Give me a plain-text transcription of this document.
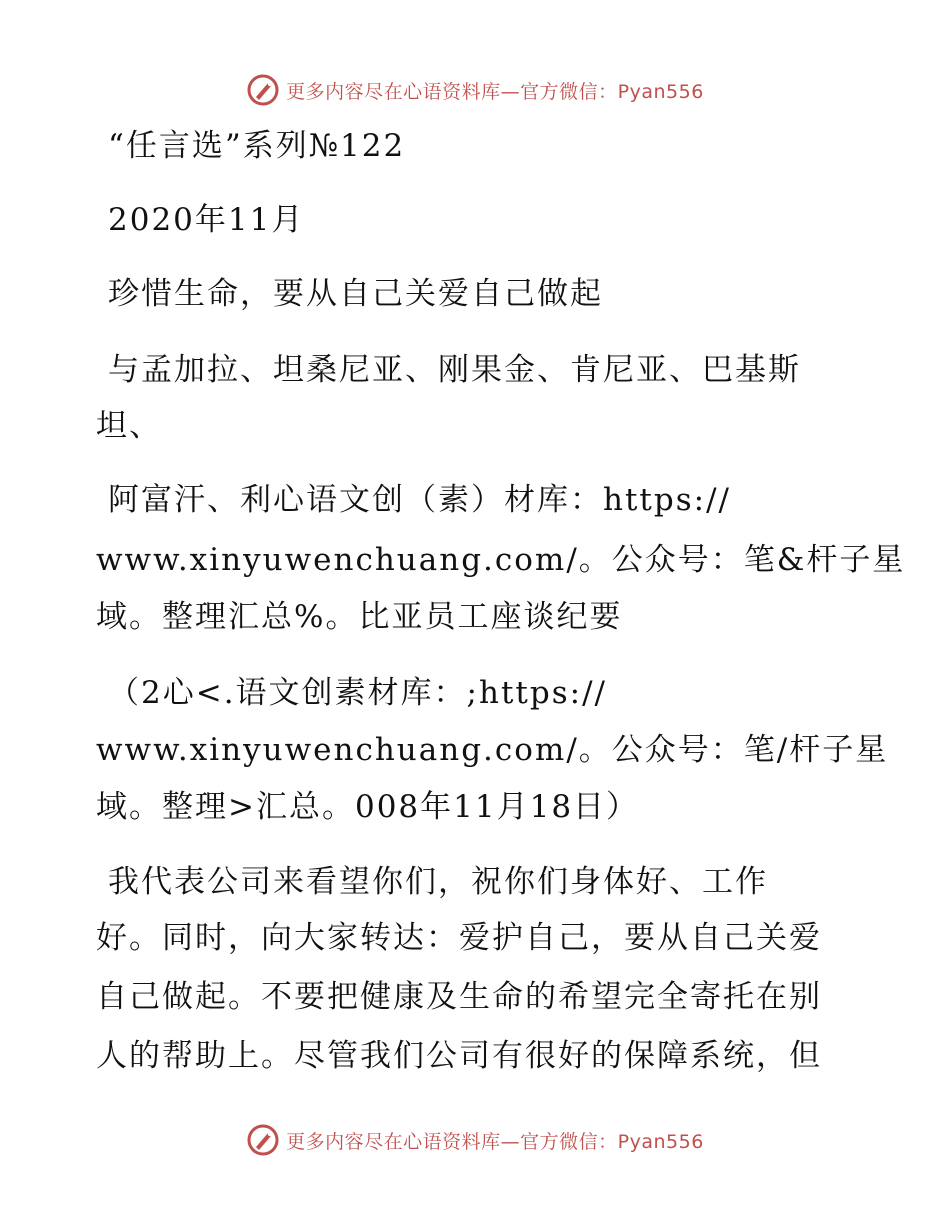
更多内容尽在心语资料库—官方微信：Pyan556
“任言选”系列№122
2020年11月
珍惜生命，要从自己关爱自己做起
与孟加拉、坦桑尼亚、刚果金、肯尼亚、巴基斯
坦、
阿富汗、利心语文创（素）材库：https://
www.xinyuwenchuang.com/。公众号：笔&杆子星
域。整理汇总%。比亚员工座谈纪要
（2心<.语文创素材库：;https://
www.xinyuwenchuang.com/。公众号：笔/杆子星
域。整理>汇总。008年11月18日）
我代表公司来看望你们，祝你们身体好、工作
好。同时，向大家转达：爱护自己，要从自己关爱
自己做起。不要把健康及生命的希望完全寄托在别
人的帮助上。尽管我们公司有很好的保障系统，但
更多内容尽在心语资料库—官方微信：Pyan556
